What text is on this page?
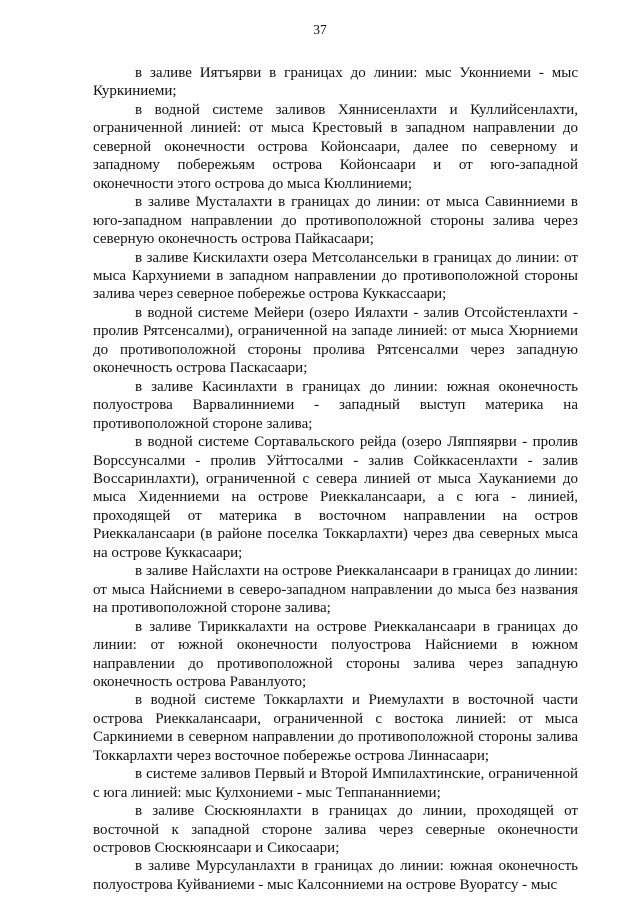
37

в заливе Иятъярви в границах до линии: мыс Уконниеми - мыс Куркиниеми;

в водной системе заливов Хяннисенлахти и Куллийсенлахти, ограниченной линией: от мыса Крестовый в западном направлении до северной оконечности острова Койонсаари, далее по северному и западному побережьям острова Койонсаари и от юго-западной оконечности этого острова до мыса Кюллиниеми;

в заливе Мусталахти в границах до линии: от мыса Савинниеми в юго-западном направлении до противоположной стороны залива через северную оконечность острова Пайкасаари;

в заливе Кискилахти озера Метсолансельки в границах до линии: от мыса Кархуниеми в западном направлении до противоположной стороны залива через северное побережье острова Куккассаари;

в водной системе Мейери (озеро Иялахти - залив Отсойстенлахти - пролив Рятсенсалми), ограниченной на западе линией: от мыса Хюрниеми до противоположной стороны пролива Рятсенсалми через западную оконечность острова Паскасаари;

в заливе Касинлахти в границах до линии: южная оконечность полуострова Варвалинниеми - западный выступ материка на противоположной стороне залива;

в водной системе Сортавальского рейда (озеро Ляппяярви - пролив Ворссунсалми - пролив Уйттосалми - залив Сойккасенлахти - залив Воссаринлахти), ограниченной с севера линией от мыса Хауканиеми до мыса Хиденниеми на острове Риеккалансаари, а с юга - линией, проходящей от материка в восточном направлении на остров Риеккалансаари (в районе поселка Токкарлахти) через два северных мыса на острове Куккасаари;

в заливе Найслахти на острове Риеккалансаари в границах до линии: от мыса Найсниеми в северо-западном направлении до мыса без названия на противоположной стороне залива;

в заливе Тириккалахти на острове Риеккалансаари в границах до линии: от южной оконечности полуострова Найсниеми в южном направлении до противоположной стороны залива через западную оконечность острова Раванлуото;

в водной системе Токкарлахти и Риемулахти в восточной части острова Риеккалансаари, ограниченной с востока линией: от мыса Саркиниеми в северном направлении до противоположной стороны залива Токкарлахти через восточное побережье острова Линнасаари;

в системе заливов Первый и Второй Импилахтинские, ограниченной с юга линией: мыс Кулхониеми - мыс Теппананниеми;

в заливе Сюскюянлахти в границах до линии, проходящей от восточной к западной стороне залива через северные оконечности островов Сюскюянсаари и Сикосаари;

в заливе Мурсуланлахти в границах до линии: южная оконечность полуострова Куйваниеми - мыс Калсонниеми на острове Вуоратсу - мыс
